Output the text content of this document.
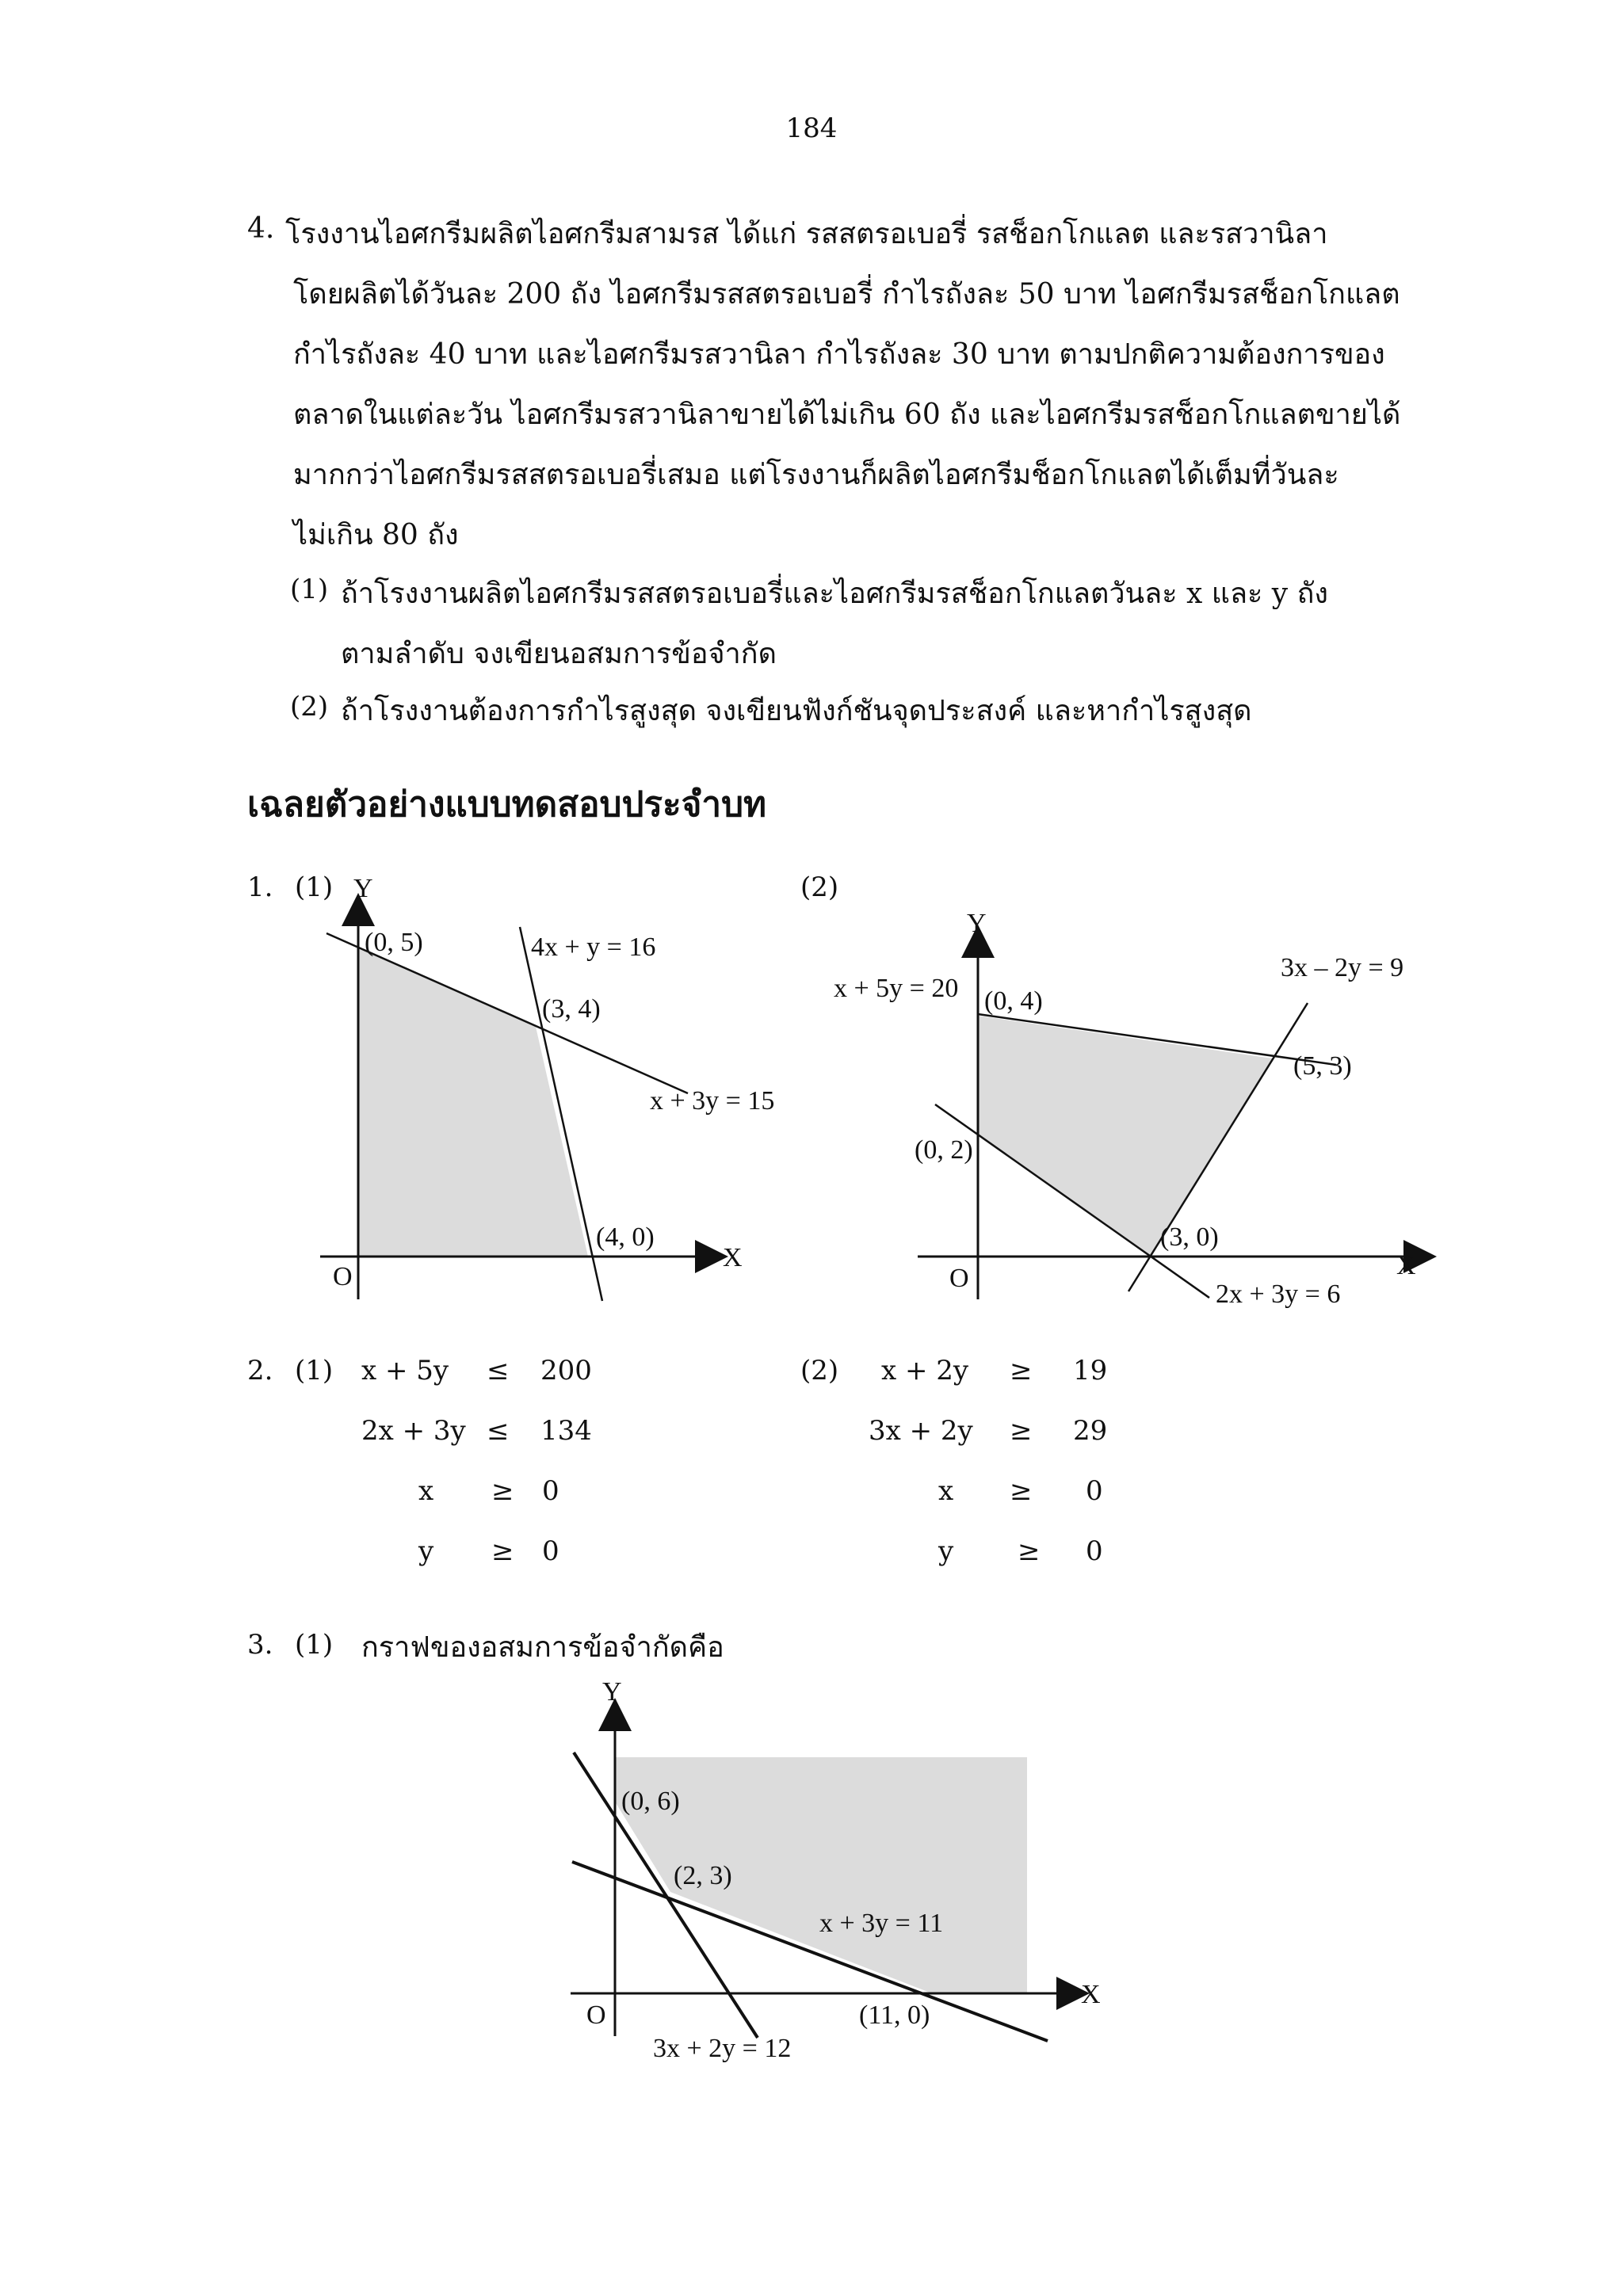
184
4. โรงงานไอศกรีมผลิตไอศกรีมสามรส ได้แก่ รสสตรอเบอรี่ รสช็อกโกแลต และรสวานิลา
โดยผลิตได้วันละ 200 ถัง ไอศกรีมรสสตรอเบอรี่ กำไรถังละ 50 บาท ไอศกรีมรสช็อกโกแลต
กำไรถังละ 40 บาท และไอศกรีมรสวานิลา กำไรถังละ 30 บาท ตามปกติความต้องการของ
ตลาดในแต่ละวัน ไอศกรีมรสวานิลาขายได้ไม่เกิน 60 ถัง และไอศกรีมรสช็อกโกแลตขายได้
มากกว่าไอศกรีมรสสตรอเบอรี่เสมอ แต่โรงงานก็ผลิตไอศกรีมช็อกโกแลตได้เต็มที่วันละ
ไม่เกิน 80 ถัง
(1) ถ้าโรงงานผลิตไอศกรีมรสสตรอเบอรี่และไอศกรีมรสช็อกโกแลตวันละ x และ y ถัง
ตามลำดับ จงเขียนอสมการข้อจำกัด
(2) ถ้าโรงงานต้องการกำไรสูงสุด จงเขียนฟังก์ชันจุดประสงค์ และหากำไรสูงสุด
เฉลยตัวอย่างแบบทดสอบประจำบท
1. (1)	(2)
Y
X
O
(0, 5)
(3, 4)
(4, 0)
4x + y = 16
x + 3y = 15
Y
X
O
(0, 4)
(5, 3)
(0, 2)
(3, 0)
x + 5y = 20
3x – 2y = 9
2x + 3y = 6
2. (1) x + 5y ≤ 200
2x + 3y ≤ 134
x ≥ 0
y ≥ 0
(2) x + 2y ≥ 19
3x + 2y ≥ 29
x ≥ 0
y ≥ 0
3. (1) กราฟของอสมการข้อจำกัดคือ
Y
X
O
(0, 6)
(2, 3)
(11, 0)
x + 3y = 11
3x + 2y = 12
